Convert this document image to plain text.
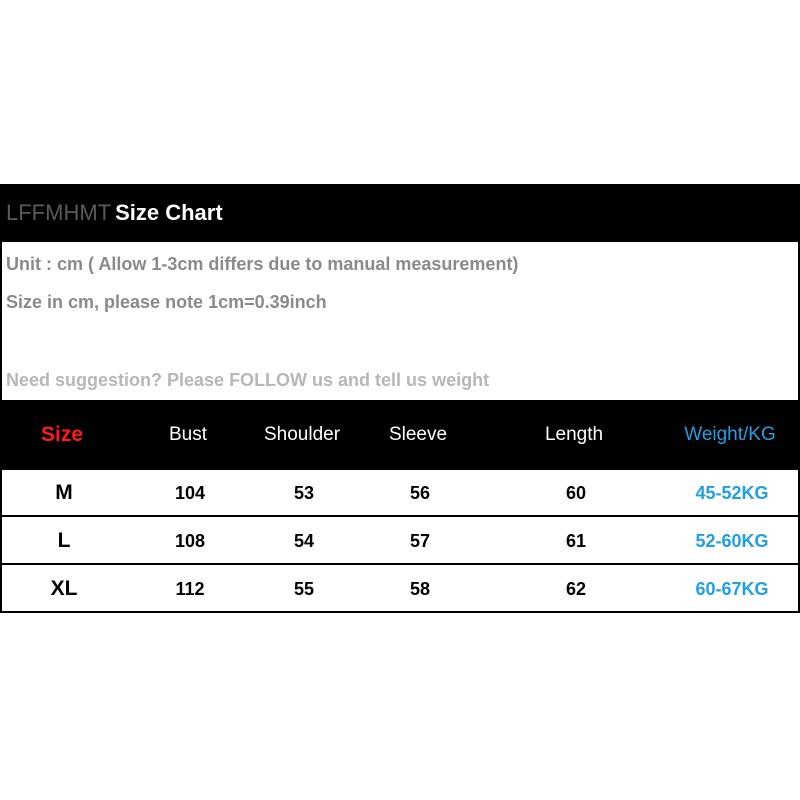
LFFMHMT Size Chart
Unit : cm ( Allow 1-3cm differs due to manual measurement)
Size in cm, please note 1cm=0.39inch
Need suggestion? Please FOLLOW us and tell us weight
Size	Bust	Shoulder	Sleeve	Length	Weight/KG
M	104	53	56	60	45-52KG
L	108	54	57	61	52-60KG
XL	112	55	58	62	60-67KG
